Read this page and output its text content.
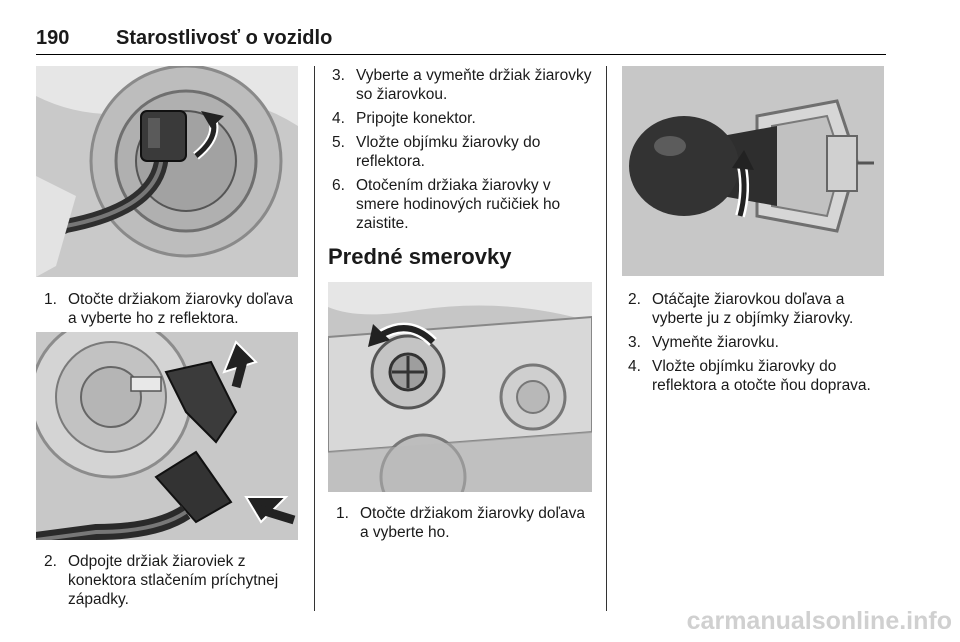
190 Starostlivosť o vozidlo
1. Otočte držiakom žiarovky doľava a vyberte ho z reflektora.
2. Odpojte držiak žiaroviek z konektora stlačením príchytnej západky.
3. Vyberte a vymeňte držiak žiarovky so žiarovkou.
4. Pripojte konektor.
5. Vložte objímku žiarovky do reflektora.
6. Otočením držiaka žiarovky v smere hodinových ručičiek ho zaistite.
Predné smerovky
1. Otočte držiakom žiarovky doľava a vyberte ho.
2. Otáčajte žiarovkou doľava a vyberte ju z objímky žiarovky.
3. Vymeňte žiarovku.
4. Vložte objímku žiarovky do reflektora a otočte ňou doprava.
carmanualsonline.info
